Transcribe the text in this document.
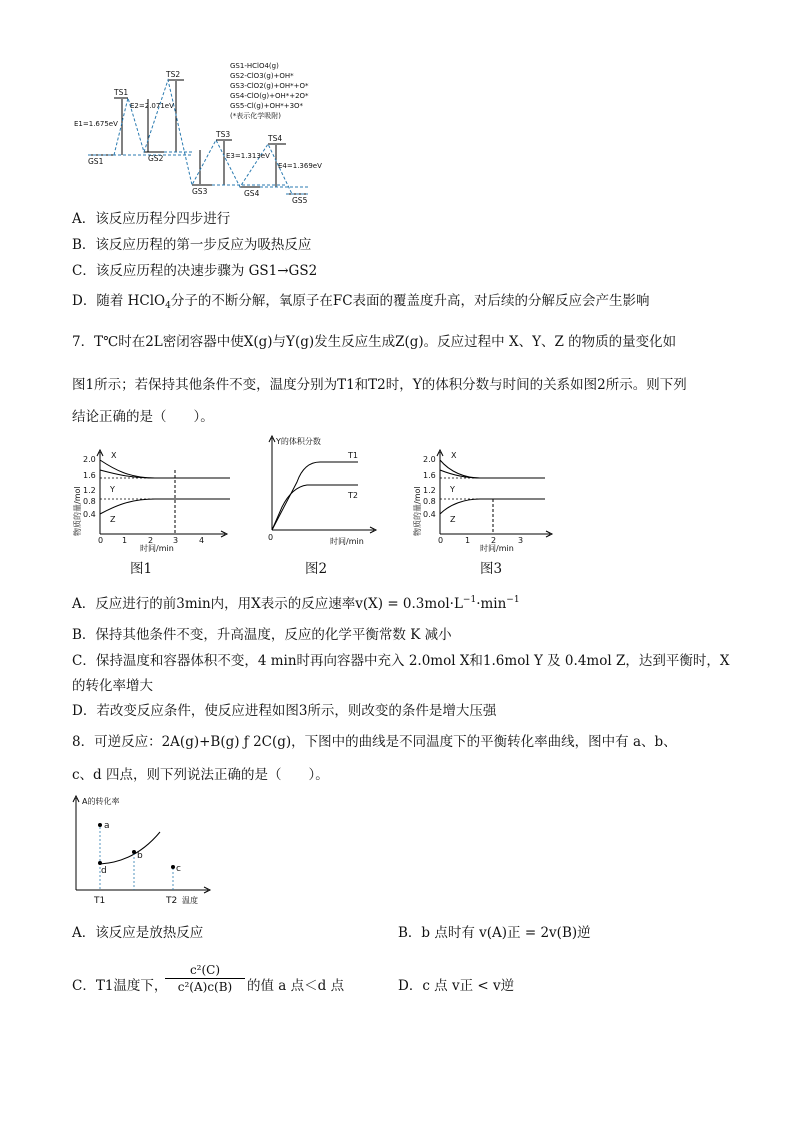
GS1	GS2
GS3	GS4
GS5
TS1
TS2
TS3	TS4
E1=1.675eV
E2=2.071eV
E3=1.313eV
E4=1.369eV
GS1-HClO4(g)
GS2-ClO3(g)+OH*
GS3-ClO2(g)+OH*+O*
GS4-ClO(g)+OH*+2O*
GS5-Cl(g)+OH*+3O*
(*表示化学吸附)
A．该反应历程分四步进行
B．该反应历程的第一步反应为吸热反应
C．该反应历程的决速步骤为 GS1→GS2
D．随着 HClO$_4$分子的不断分解，氧原子在FC表面的覆盖度升高，对后续的分解反应会产生影响
7．T℃时在2L密闭容器中使X(g)与Y(g)发生反应生成Z(g)。反应过程中 X、Y、Z 的物质的量变化如
图1所示；若保持其他条件不变，温度分别为T1和T2时，Y的体积分数与时间的关系如图2所示。则下列
结论正确的是（　　）。
2.0
1.6
1.2
0.8
0.4
0 1	2 3	4
X
Y
Z
时间/min
物质的量/mol
图1
Y的体积分数
T1
T2
0	时间/min
图2
2.0
1.6
1.2
0.8
0.4
0	1	2	3
X
Y
Z
时间/min
物质的量/mol
图3
A．反应进行的前3min内，用X表示的反应速率$v(X) = 0.3mol\cdot L^{-1}\cdot\min^{-1}$
B．保持其他条件不变，升高温度，反应的化学平衡常数 K 减小
C．保持温度和容器体积不变，4 min时再向容器中充入 2.0mol X和1.6mol Y 及 0.4mol Z，达到平衡时，X
的转化率增大
D．若改变反应条件，使反应进程如图3所示，则改变的条件是增大压强
8．可逆反应：2A(g)+B(g) ƒ 2C(g)，下图中的曲线是不同温度下的平衡转化率曲线，图中有 a、b、
c、d 四点，则下列说法正确的是（　　）。
A的转化率
a
b
c
d
T1	T2 温度
A．该反应是放热反应	B．b 点时有 v(A)正 = 2v(B)逆
C．T1温度下，
c²(C)
c²(A)c(B)	的值 a 点＜d 点	D．c 点 v正 < v逆
